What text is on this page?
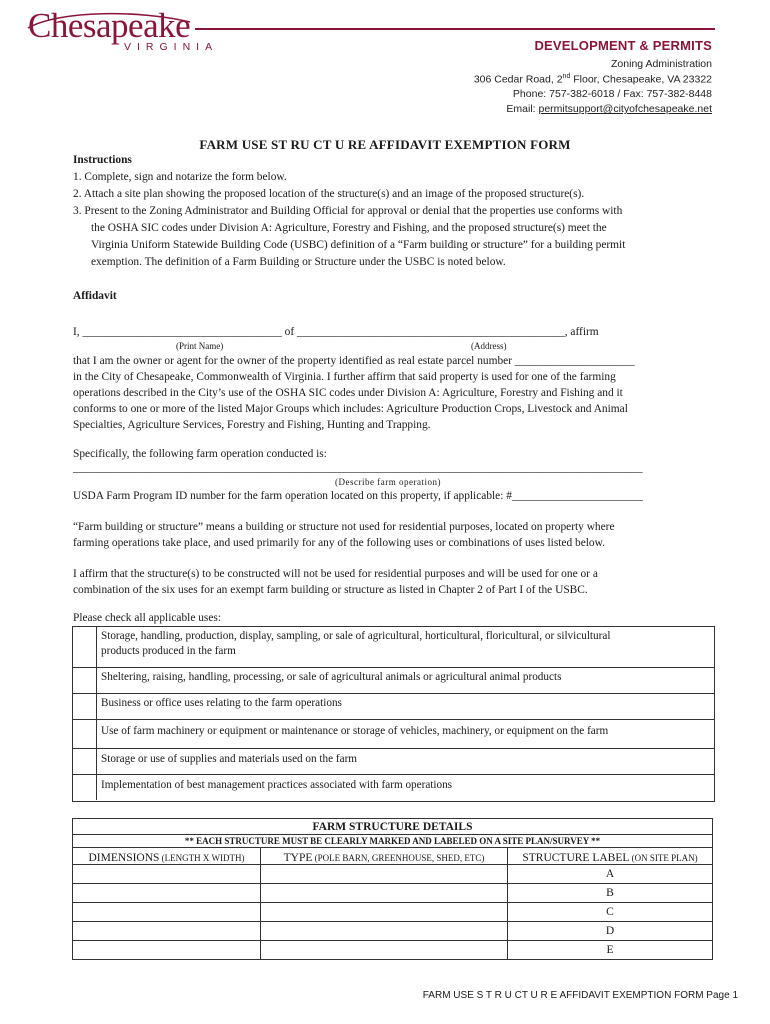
Chesapeake
VIRGINIA	DEVELOPMENT & PERMITS
Zoning Administration
306 Cedar Road, 2nd Floor, Chesapeake, VA 23322
Phone: 757-382-6018 / Fax: 757-382-8448
Email: permitsupport@cityofchesapeake.net
FARM USE ST RU CT U RE AFFIDAVIT EXEMPTION FORM
Instructions
1. Complete, sign and notarize the form below.
2. Attach a site plan showing the proposed location of the structure(s) and an image of the proposed structure(s).
3. Present to the Zoning Administrator and Building Official for approval or denial that the properties use conforms with
the OSHA SIC codes under Division A: Agriculture, Forestry and Fishing, and the proposed structure(s) meet the
Virginia Uniform Statewide Building Code (USBC) definition of a “Farm building or structure” for a building permit
exemption. The definition of a Farm Building or Structure under the USBC is noted below.
Affidavit
I, ___________________________________ of _______________________________________________, affirm
(Print Name)	(Address)
that I am the owner or agent for the owner of the property identified as real estate parcel number _____________________
in the City of Chesapeake, Commonwealth of Virginia. I further affirm that said property is used for one of the farming
operations described in the City’s use of the OSHA SIC codes under Division A: Agriculture, Forestry and Fishing and it
conforms to one or more of the listed Major Groups which includes: Agriculture Production Crops, Livestock and Animal
Specialties, Agriculture Services, Forestry and Fishing, Hunting and Trapping.
Specifically, the following farm operation conducted is:
____________________________________________________________________________________________________
(Describe farm operation)
USDA Farm Program ID number for the farm operation located on this property, if applicable: #_______________________
“Farm building or structure” means a building or structure not used for residential purposes, located on property where
farming operations take place, and used primarily for any of the following uses or combinations of uses listed below.
I affirm that the structure(s) to be constructed will not be used for residential purposes and will be used for one or a
combination of the six uses for an exempt farm building or structure as listed in Chapter 2 of Part I of the USBC.
Please check all applicable uses:
Storage, handling, production, display, sampling, or sale of agricultural, horticultural, floricultural, or silvicultural
products produced in the farm
Sheltering, raising, handling, processing, or sale of agricultural animals or agricultural animal products
Business or office uses relating to the farm operations
Use of farm machinery or equipment or maintenance or storage of vehicles, machinery, or equipment on the farm
Storage or use of supplies and materials used on the farm
Implementation of best management practices associated with farm operations
FARM STRUCTURE DETAILS		
** EACH STRUCTURE MUST BE CLEARLY MARKED AND LABELED ON A SITE PLAN/SURVEY **		
DIMENSIONS (LENGTH X WIDTH)	TYPE (POLE BARN, GREENHOUSE, SHED, ETC)	STRUCTURE LABEL (ON SITE PLAN)
		A
		B
		C
		D
		E
FARM USE S T R U CT U R E AFFIDAVIT EXEMPTION FORM Page 1
